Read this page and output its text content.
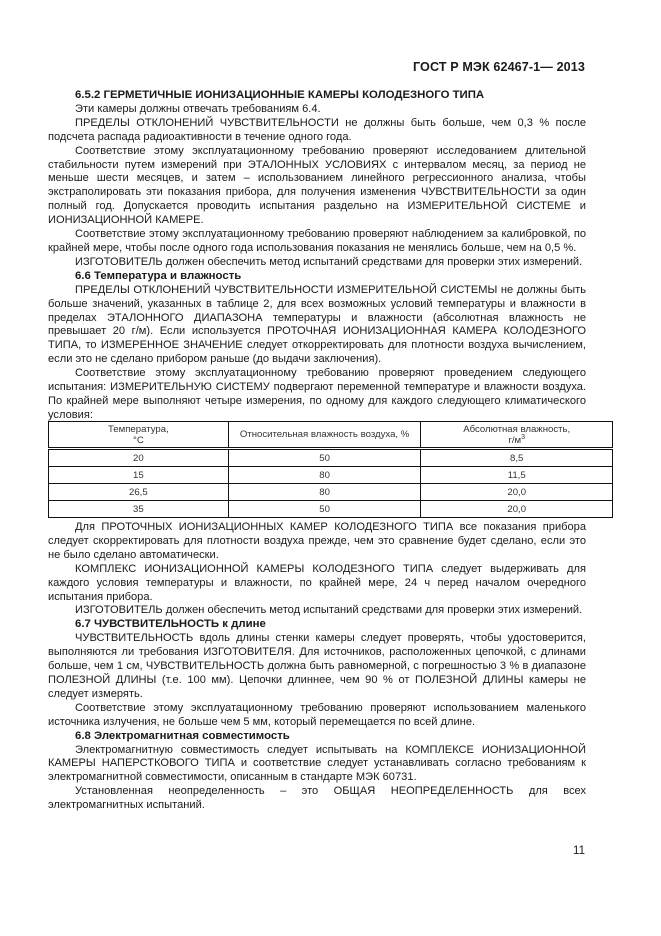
ГОСТ Р МЭК 62467-1— 2013

6.5.2 ГЕРМЕТИЧНЫЕ ИОНИЗАЦИОННЫЕ КАМЕРЫ КОЛОДЕЗНОГО ТИПА

Эти камеры должны отвечать требованиям 6.4.

ПРЕДЕЛЫ ОТКЛОНЕНИЙ ЧУВСТВИТЕЛЬНОСТИ не должны быть больше, чем 0,3 % после подсчета распада радиоактивности в течение одного года.

Соответствие этому эксплуатационному требованию проверяют исследованием длительной стабильности путем измерений при ЭТАЛОННЫХ УСЛОВИЯХ с интервалом месяц, за период не меньше шести месяцев, и затем – использованием линейного регрессионного анализа, чтобы экстраполировать эти показания прибора, для получения изменения ЧУВСТВИТЕЛЬНОСТИ за один полный год. Допускается проводить испытания раздельно на ИЗМЕРИТЕЛЬНОЙ СИСТЕМЕ и ИОНИЗАЦИОННОЙ КАМЕРЕ.

Соответствие этому эксплуатационному требованию проверяют наблюдением за калибровкой, по крайней мере, чтобы после одного года использования показания не менялись больше, чем на 0,5 %.

ИЗГОТОВИТЕЛЬ должен обеспечить метод испытаний средствами для проверки этих измерений.

6.6 Температура и влажность

ПРЕДЕЛЫ ОТКЛОНЕНИЙ ЧУВСТВИТЕЛЬНОСТИ ИЗМЕРИТЕЛЬНОЙ СИСТЕМЫ не должны быть больше значений, указанных в таблице 2, для всех возможных условий температуры и влажности в пределах ЭТАЛОННОГО ДИАПАЗОНА температуры и влажности (абсолютная влажность не превышает 20 г/м). Если используется ПРОТОЧНАЯ ИОНИЗАЦИОННАЯ КАМЕРА КОЛОДЕЗНОГО ТИПА, то ИЗМЕРЕННОЕ ЗНАЧЕНИЕ следует откорректировать для плотности воздуха вычислением, если это не сделано прибором раньше (до выдачи заключения).

Соответствие этому эксплуатационному требованию проверяют проведением следующего испытания: ИЗМЕРИТЕЛЬНУЮ СИСТЕМУ подвергают переменной температуре и влажности воздуха. По крайней мере выполняют четыре измерения, по одному для каждого следующего климатического условия:

Температура,
°С	Относительная влажность воздуха, %	Абсолютная влажность,
$г/м^3$
20	50	8,5
15	80	11,5
26,5	80	20,0
35	50	20,0

Для ПРОТОЧНЫХ ИОНИЗАЦИОННЫХ КАМЕР КОЛОДЕЗНОГО ТИПА все показания прибора следует скорректировать для плотности воздуха прежде, чем это сравнение будет сделано, если это не было сделано автоматически.

КОМПЛЕКС ИОНИЗАЦИОННОЙ КАМЕРЫ КОЛОДЕЗНОГО ТИПА следует выдерживать для каждого условия температуры и влажности, по крайней мере, 24 ч перед началом очередного испытания прибора.

ИЗГОТОВИТЕЛЬ должен обеспечить метод испытаний средствами для проверки этих измерений.

6.7 ЧУВСТВИТЕЛЬНОСТЬ к длине

ЧУВСТВИТЕЛЬНОСТЬ вдоль длины стенки камеры следует проверять, чтобы удостоверится, выполняются ли требования ИЗГОТОВИТЕЛЯ. Для источников, расположенных цепочкой, с длинами больше, чем 1 см, ЧУВСТВИТЕЛЬНОСТЬ должна быть равномерной, с погрешностью 3 % в диапазоне ПОЛЕЗНОЙ ДЛИНЫ (т.е. 100 мм). Цепочки длиннее, чем 90 % от ПОЛЕЗНОЙ ДЛИНЫ камеры не следует измерять.

Соответствие этому эксплуатационному требованию проверяют использованием маленького источника излучения, не больше чем 5 мм, который перемещается по всей длине.

6.8 Электромагнитная совместимость

Электромагнитную совместимость следует испытывать на КОМПЛЕКСЕ ИОНИЗАЦИОННОЙ КАМЕРЫ НАПЕРСТКОВОГО ТИПА и соответствие следует устанавливать согласно требованиям к электромагнитной совместимости, описанным в стандарте МЭК 60731.

Установленная неопределенность – это ОБЩАЯ НЕОПРЕДЕЛЕННОСТЬ для всех электромагнитных испытаний.

11
